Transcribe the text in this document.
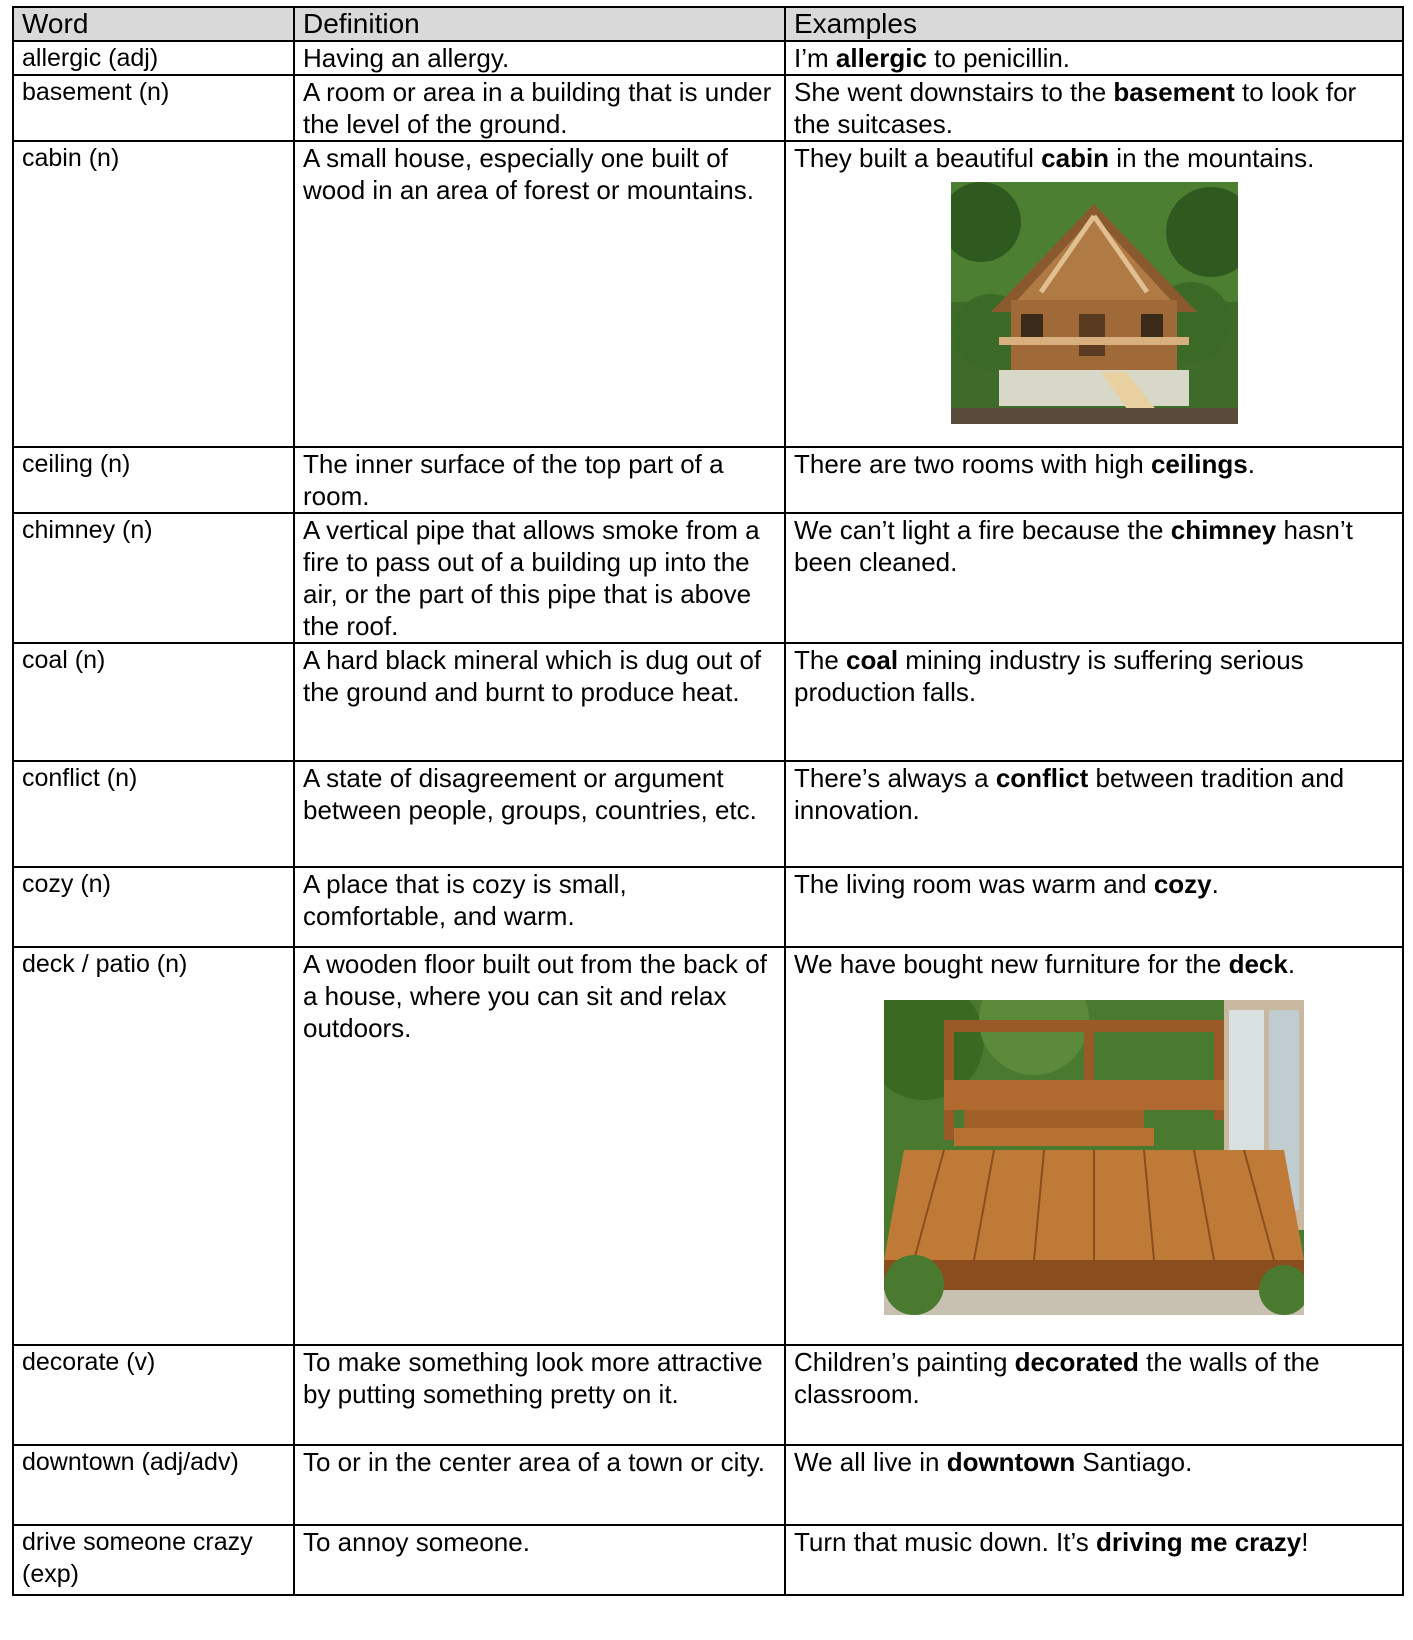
Word	Definition	Examples
allergic (adj)	Having an allergy.	I’m allergic to penicillin.
basement (n)	A room or area in a building that is under the level of the ground.	She went downstairs to the basement to look for the suitcases.
cabin (n)	A small house, especially one built of wood in an area of forest or mountains.	They built a beautiful cabin in the mountains.

ceiling (n)	The inner surface of the top part of a room.	There are two rooms with high ceilings.
chimney (n)	A vertical pipe that allows smoke from a fire to pass out of a building up into the air, or the part of this pipe that is above the roof.	We can’t light a fire because the chimney hasn’t been cleaned.
coal (n)	A hard black mineral which is dug out of the ground and burnt to produce heat.	The coal mining industry is suffering serious production falls.
conflict (n)	A state of disagreement or argument between people, groups, countries, etc.	There’s always a conflict between tradition and innovation.
cozy (n)	A place that is cozy is small, comfortable, and warm.	The living room was warm and cozy.
deck / patio (n)	A wooden floor built out from the back of a house, where you can sit and relax outdoors.	We have bought new furniture for the deck.

decorate (v)	To make something look more attractive by putting something pretty on it.	Children’s painting decorated the walls of the classroom.
downtown (adj/adv)	To or in the center area of a town or city.	We all live in downtown Santiago.
drive someone crazy (exp)	To annoy someone.	Turn that music down. It’s driving me crazy!
